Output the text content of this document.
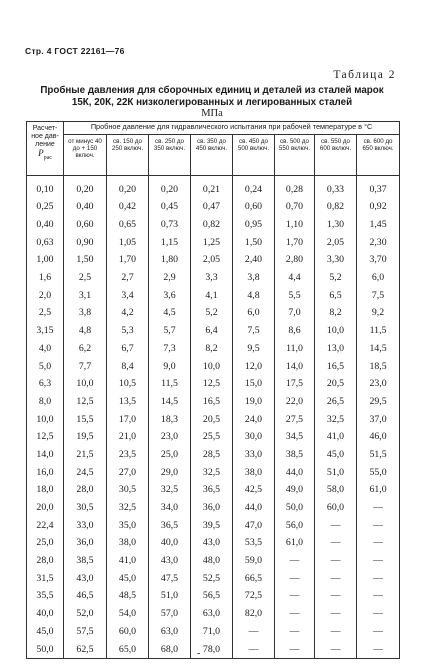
Стр. 4 ГОСТ 22161—76
Таблица 2
Пробные давления для сборочных единиц и деталей из сталей марок
15К, 20К, 22К низколегированных и легированных сталей
МПа
Расчет-
ное дав-
ление
$P_{рас}$	Пробное давление для гидравлического испытания при рабочей температуре в °С							
	от минус 40 до + 150 включ.	св. 150 до 250 включ.	св. 250 до 350 включ.	св. 350 до 450 включ.	св. 450 до 500 включ.	св. 500 до 550 включ.	св. 550 до 600 включ.	св. 600 до 650 включ.
0,10	0,20	0,20	0,20	0,21	0,24	0,28	0,33	0,37
0,25	0,40	0,42	0,45	0,47	0,60	0,70	0,82	0,92
0,40	0,60	0,65	0,73	0,82	0,95	1,10	1,30	1,45
0,63	0,90	1,05	1,15	1,25	1,50	1,70	2,05	2,30
1,00	1,50	1,70	1,80	2,05	2,40	2,80	3,30	3,70
1,6	2,5	2,7	2,9	3,3	3,8	4,4	5,2	6,0
2,0	3,1	3,4	3,6	4,1	4,8	5,5	6,5	7,5
2,5	3,8	4,2	4,5	5,2	6,0	7,0	8,2	9,2
3,15	4,8	5,3	5,7	6,4	7,5	8,6	10,0	11,5
4,0	6,2	6,7	7,3	8,2	9,5	11,0	13,0	14,5
5,0	7,7	8,4	9,0	10,0	12,0	14,0	16,5	18,5
6,3	10,0	10,5	11,5	12,5	15,0	17,5	20,5	23,0
8,0	12,5	13,5	14,5	16,5	19,0	22,0	26,5	29,5
10,0	15,5	17,0	18,3	20,5	24,0	27,5	32,5	37,0
12,5	19,5	21,0	23,0	25,5	30,0	34,5	41,0	46,0
14,0	21,5	23,5	25,0	28,5	33,0	38,5	45,0	51,5
16,0	24,5	27,0	29,0	32,5	38,0	44,0	51,0	55,0
18,0	28,0	30,5	32,5	36,5	42,5	49,0	58,0	61,0
20,0	30,5	32,5	34,0	36,0	44,0	50,0	60,0	—
22,4	33,0	35,0	36,5	39,5	47,0	56,0	—	—
25,0	36,0	38,0	40,0	43,0	53,5	61,0	—	—
28,0	38,5	41,0	43,0	48,0	59,0	—	—	—
31,5	43,0	45,0	47,5	52,5	66,5	—	—	—
35,5	46,5	48,5	51,0	56,5	72,5	—	—	—
40,0	52,0	54,0	57,0	63,0	82,0	—	—	—
45,0	57,5	60,0	63,0	71,0	—	—	—	—
50,0	62,5	65,0	68,0	78,0	—	—	—	—
-
